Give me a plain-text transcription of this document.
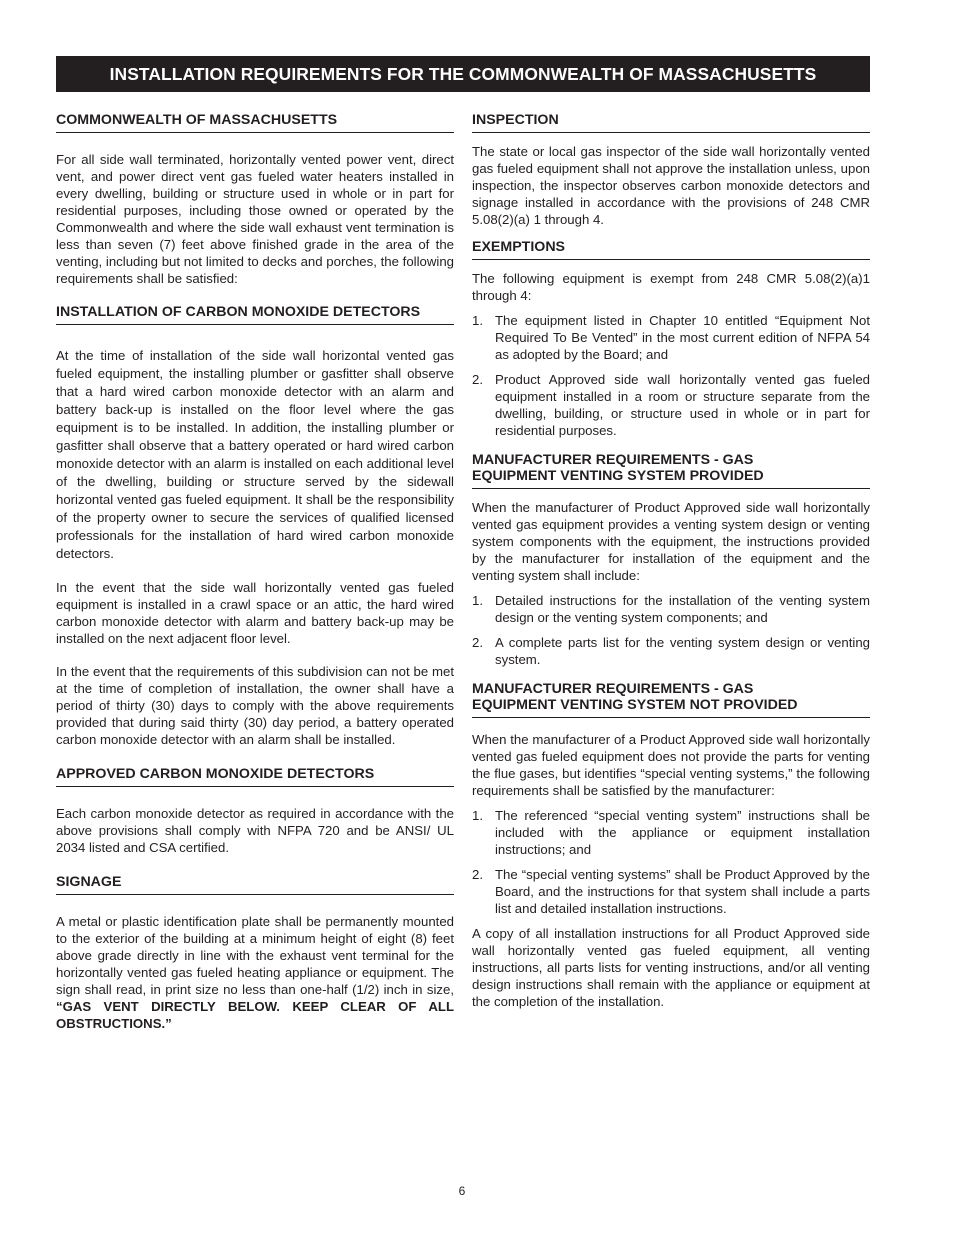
INSTALLATION REQUIREMENTS FOR THE COMMONWEALTH OF MASSACHUSETTS
COMMONWEALTH OF MASSACHUSETTS

For all side wall terminated, horizontally vented power vent, direct vent, and power direct vent gas fueled water heaters installed in every dwelling, building or structure used in whole or in part for residential purposes, including those owned or operated by the Commonwealth and where the side wall exhaust vent termination is less than seven (7) feet above finished grade in the area of the venting, including but not limited to decks and porches, the following requirements shall be satisfied:

INSTALLATION OF CARBON MONOXIDE DETECTORS

At the time of installation of the side wall horizontal vented gas fueled equipment, the installing plumber or gasfitter shall observe that a hard wired carbon monoxide detector with an alarm and battery back-up is installed on the floor level where the gas equipment is to be installed. In addition, the installing plumber or gasfitter shall observe that a battery operated or hard wired carbon monoxide detector with an alarm is installed on each additional level of the dwelling, building or structure served by the sidewall horizontal vented gas fueled equipment. It shall be the responsibility of the property owner to secure the services of qualified licensed professionals for the installation of hard wired carbon monoxide detectors.

In the event that the side wall horizontally vented gas fueled equipment is installed in a crawl space or an attic, the hard wired carbon monoxide detector with alarm and battery back-up may be installed on the next adjacent floor level.

In the event that the requirements of this subdivision can not be met at the time of completion of installation, the owner shall have a period of thirty (30) days to comply with the above requirements provided that during said thirty (30) day period, a battery operated carbon monoxide detector with an alarm shall be installed.

APPROVED CARBON MONOXIDE DETECTORS

Each carbon monoxide detector as required in accordance with the above provisions shall comply with NFPA 720 and be ANSI/ UL 2034 listed and CSA certified.

SIGNAGE

A metal or plastic identification plate shall be permanently mounted to the exterior of the building at a minimum height of eight (8) feet above grade directly in line with the exhaust vent terminal for the horizontally vented gas fueled heating appliance or equipment. The sign shall read, in print size no less than one-half (1/2) inch in size, “GAS VENT DIRECTLY BELOW. KEEP CLEAR OF ALL OBSTRUCTIONS.”

INSPECTION

The state or local gas inspector of the side wall horizontally vented gas fueled equipment shall not approve the installation unless, upon inspection, the inspector observes carbon monoxide detectors and signage installed in accordance with the provisions of 248 CMR 5.08(2)(a) 1 through 4.

EXEMPTIONS

The following equipment is exempt from 248 CMR 5.08(2)(a)1 through 4:

1. The equipment listed in Chapter 10 entitled “Equipment Not Required To Be Vented” in the most current edition of NFPA 54 as adopted by the Board; and
2. Product Approved side wall horizontally vented gas fueled equipment installed in a room or structure separate from the dwelling, building, or structure used in whole or in part for residential purposes.
MANUFACTURER REQUIREMENTS - GAS
EQUIPMENT VENTING SYSTEM PROVIDED

When the manufacturer of Product Approved side wall horizontally vented gas equipment provides a venting system design or venting system components with the equipment, the instructions provided by the manufacturer for installation of the equipment and the venting system shall include:

1. Detailed instructions for the installation of the venting system design or the venting system components; and
2. A complete parts list for the venting system design or venting system.
MANUFACTURER REQUIREMENTS - GAS
EQUIPMENT VENTING SYSTEM NOT PROVIDED

When the manufacturer of a Product Approved side wall horizontally vented gas fueled equipment does not provide the parts for venting the flue gases, but identifies “special venting systems,” the following requirements shall be satisfied by the manufacturer:

1. The referenced “special venting system” instructions shall be included with the appliance or equipment installation instructions; and
2. The “special venting systems” shall be Product Approved by the Board, and the instructions for that system shall include a parts list and detailed installation instructions.

A copy of all installation instructions for all Product Approved side wall horizontally vented gas fueled equipment, all venting instructions, all parts lists for venting instructions, and/or all venting design instructions shall remain with the appliance or equipment at the completion of the installation.

6
